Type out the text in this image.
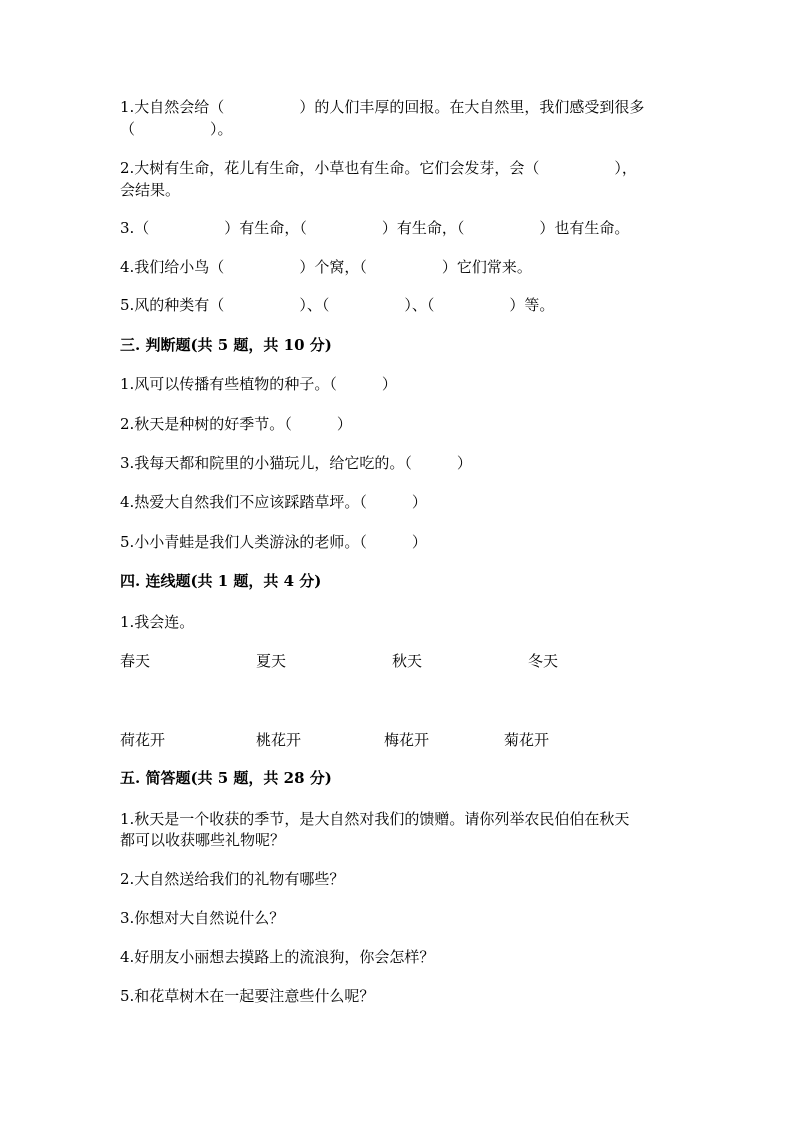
1.大自然会给（　　　　　）的人们丰厚的回报。在大自然里，我们感受到很多
（　　　　　）。
2.大树有生命，花儿有生命，小草也有生命。它们会发芽，会（　　　　　），
会结果。
3.（　　　　　）有生命，（　　　　　）有生命，（　　　　　）也有生命。
4.我们给小鸟（　　　　　）个窝，（　　　　　）它们常来。
5.风的种类有（　　　　　）、（　　　　　）、（　　　　　）等。
三. 判断题(共 5 题，共 10 分)
1.风可以传播有些植物的种子。（　　　）
2.秋天是种树的好季节。（　　　）
3.我每天都和院里的小猫玩儿，给它吃的。（　　　）
4.热爱大自然我们不应该踩踏草坪。（　　　）
5.小小青蛙是我们人类游泳的老师。（　　　）
四. 连线题(共 1 题，共 4 分)
1.我会连。
春天	夏天	秋天	冬天
荷花开	桃花开	梅花开	菊花开
五. 简答题(共 5 题，共 28 分)
1.秋天是一个收获的季节，是大自然对我们的馈赠。请你列举农民伯伯在秋天
都可以收获哪些礼物呢？
2.大自然送给我们的礼物有哪些？
3.你想对大自然说什么？
4.好朋友小丽想去摸路上的流浪狗，你会怎样？
5.和花草树木在一起要注意些什么呢？
